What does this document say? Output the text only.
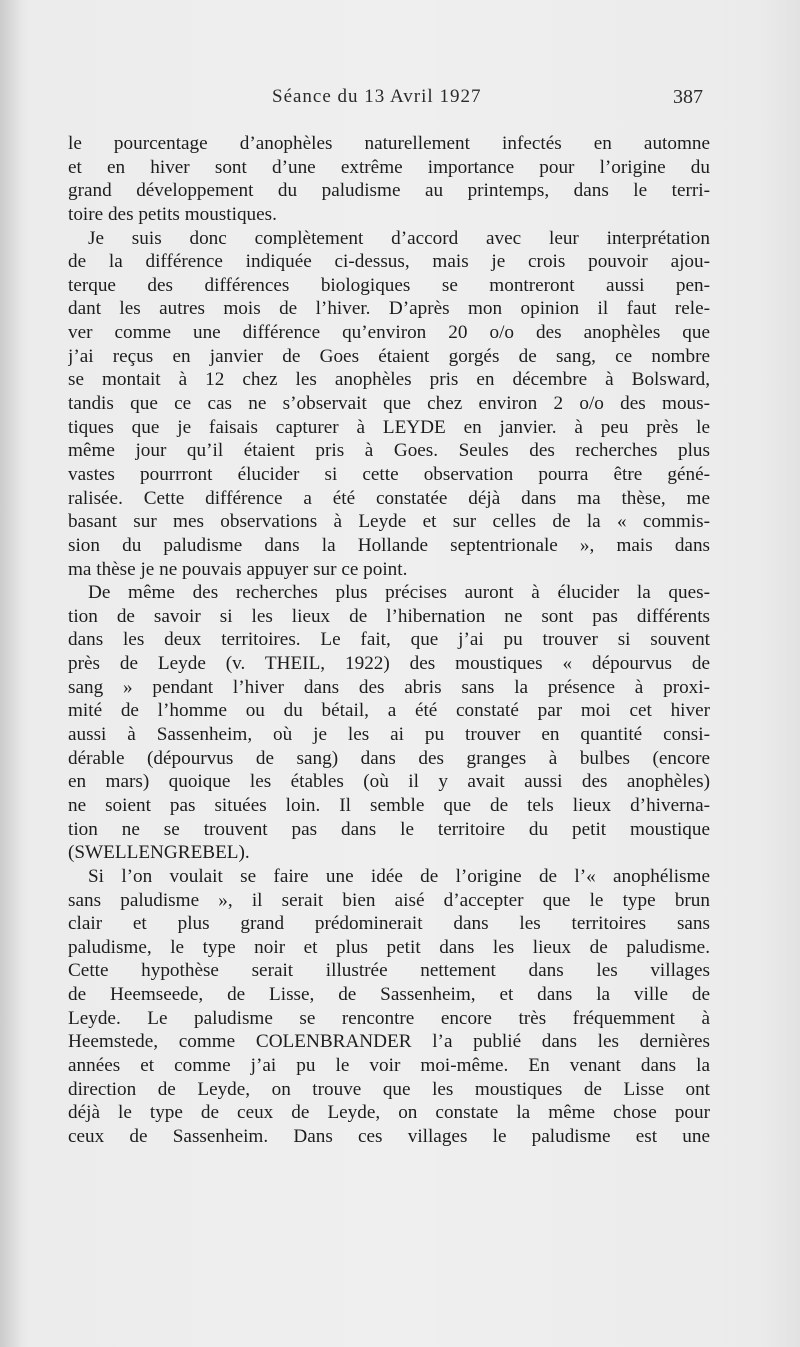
Séance du 13 Avril 1927	387
le pourcentage d’anophèles naturellement infectés en automne
et en hiver sont d’une extrême importance pour l’origine du
grand développement du paludisme au printemps, dans le terri-
toire des petits moustiques.
Je suis donc complètement d’accord avec leur interprétation
de la différence indiquée ci-dessus, mais je crois pouvoir ajou-
terque des différences biologiques se montreront aussi pen-
dant les autres mois de l’hiver. D’après mon opinion il faut rele-
ver comme une différence qu’environ 20 o/o des anophèles que
j’ai reçus en janvier de Goes étaient gorgés de sang, ce nombre
se montait à 12 chez les anophèles pris en décembre à Bolsward,
tandis que ce cas ne s’observait que chez environ 2 o/o des mous-
tiques que je faisais capturer à LEYDE en janvier. à peu près le
même jour qu’il étaient pris à Goes. Seules des recherches plus
vastes pourrront élucider si cette observation pourra être géné-
ralisée. Cette différence a été constatée déjà dans ma thèse, me
basant sur mes observations à Leyde et sur celles de la « commis-
sion du paludisme dans la Hollande septentrionale », mais dans
ma thèse je ne pouvais appuyer sur ce point.
De même des recherches plus précises auront à élucider la ques-
tion de savoir si les lieux de l’hibernation ne sont pas différents
dans les deux territoires. Le fait, que j’ai pu trouver si souvent
près de Leyde (v. THEIL, 1922) des moustiques « dépourvus de
sang » pendant l’hiver dans des abris sans la présence à proxi-
mité de l’homme ou du bétail, a été constaté par moi cet hiver
aussi à Sassenheim, où je les ai pu trouver en quantité consi-
dérable (dépourvus de sang) dans des granges à bulbes (encore
en mars) quoique les étables (où il y avait aussi des anophèles)
ne soient pas situées loin. Il semble que de tels lieux d’hiverna-
tion ne se trouvent pas dans le territoire du petit moustique
(SWELLENGREBEL).
Si l’on voulait se faire une idée de l’origine de l’« anophélisme
sans paludisme », il serait bien aisé d’accepter que le type brun
clair et plus grand prédominerait dans les territoires sans
paludisme, le type noir et plus petit dans les lieux de paludisme.
Cette hypothèse serait illustrée nettement dans les villages
de Heemseede, de Lisse, de Sassenheim, et dans la ville de
Leyde. Le paludisme se rencontre encore très fréquemment à
Heemstede, comme COLENBRANDER l’a publié dans les dernières
années et comme j’ai pu le voir moi-même. En venant dans la
direction de Leyde, on trouve que les moustiques de Lisse ont
déjà le type de ceux de Leyde, on constate la même chose pour
ceux de Sassenheim. Dans ces villages le paludisme est une
